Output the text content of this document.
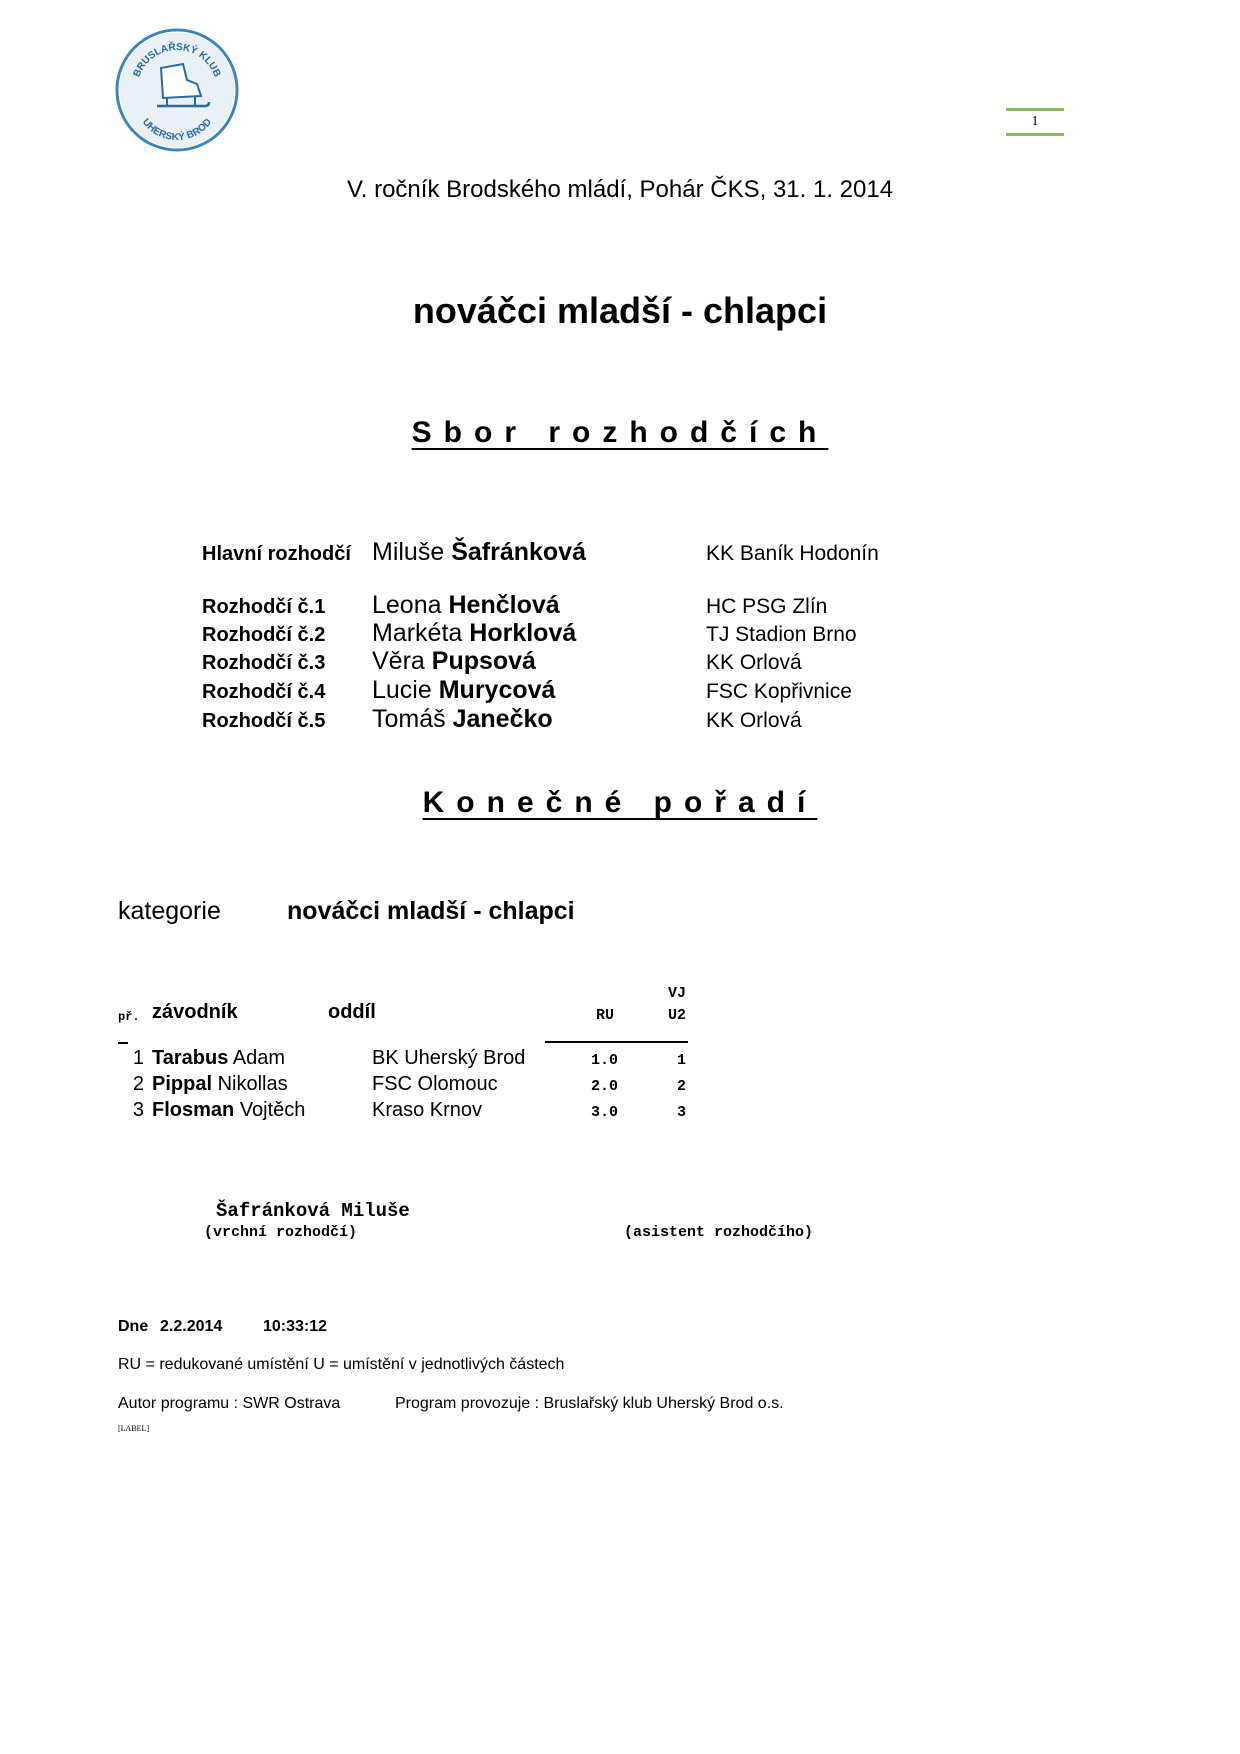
BRUSLAŘSKÝ KLUB
UHERSKÝ BROD	1
V. ročník Brodského mládí, Pohár ČKS, 31. 1. 2014
nováčci mladší - chlapci
Sbor rozhodčích
Hlavní rozhodčí Miluše Šafránková	KK Baník Hodonín
Rozhodčí č.1 Leona Henčlová	HC PSG Zlín
Rozhodčí č.2 Markéta Horklová	TJ Stadion Brno
Rozhodčí č.3 Věra Pupsová	KK Orlová
Rozhodčí č.4 Lucie Murycová	FSC Kopřivnice
Rozhodčí č.5 Tomáš Janečko	KK Orlová
Konečné pořadí
kategorie	nováčci mladší - chlapci
př. závodník	oddíl	RU
VJ
U2
1 Tarabus Adam	BK Uherský Brod	1.0	1
2 Pippal Nikollas	FSC Olomouc	2.0	2
3 Flosman Vojtěch	Kraso Krnov	3.0	3
Šafránková Miluše
(vrchní rozhodčí)	(asistent rozhodčího)
Dne 2.2.2014	10:33:12
RU = redukované umístění U = umístění v jednotlivých částech
Autor programu : SWR Ostrava	Program provozuje : Bruslařský klub Uherský Brod o.s.
[LABEL]
